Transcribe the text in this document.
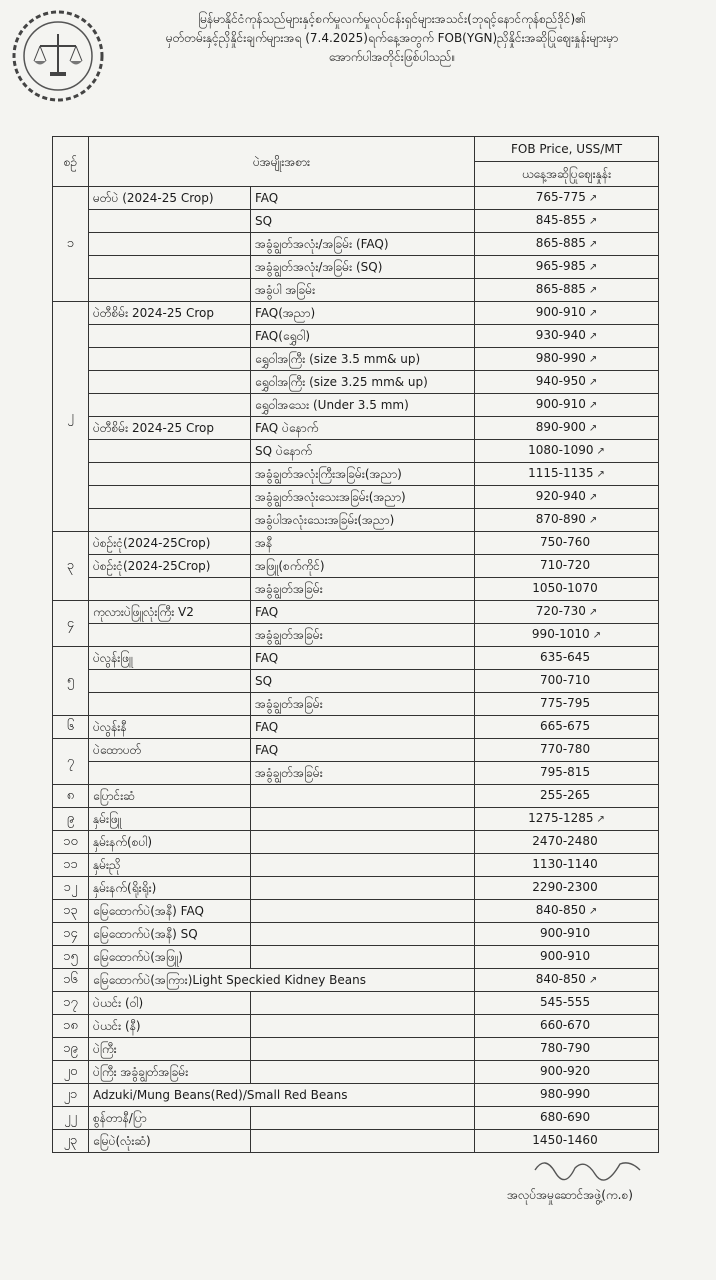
မြန်မာနိုင်ငံကုန်သည်များနှင့်စက်မှုလက်မှုလုပ်ငန်းရှင်များအသင်း(ဘုရင့်နောင်ကုန်စည်ဒိုင်)၏
မှတ်တမ်းနှင့်ညှိနှိုင်းချက်များအရ (7.4.2025)ရက်နေ့အတွက် FOB(YGN)ညှိနှိုင်းအဆိုပြုဈေးနှုန်းများမှာ
အောက်ပါအတိုင်းဖြစ်ပါသည်။
စဉ်	ပဲအမျိုးအစား		FOB Price, USS/MT
			ယနေ့အဆိုပြုဈေးနှုန်း
၁	မတ်ပဲ (2024-25 Crop)	FAQ	765-775 ↗
		SQ	845-855 ↗
		အခွံချွတ်အလုံး/အခြမ်း (FAQ)	865-885 ↗
		အခွံချွတ်အလုံး/အခြမ်း (SQ)	965-985 ↗
		အခွံပါ အခြမ်း	865-885 ↗
၂	ပဲတီစိမ်း 2024-25 Crop	FAQ(အညာ)	900-910 ↗
		FAQ(ရွှေဝါ)	930-940 ↗
		ရွှေဝါအကြီး (size 3.5 mm& up)	980-990 ↗
		ရွှေဝါအကြီး (size 3.25 mm& up)	940-950 ↗
		ရွှေဝါအသေး (Under 3.5 mm)	900-910 ↗
	ပဲတီစိမ်း 2024-25 Crop	FAQ ပဲနောက်	890-900 ↗
		SQ ပဲနောက်	1080-1090 ↗
		အခွံချွတ်အလုံးကြီးအခြမ်း(အညာ)	1115-1135 ↗
		အခွံချွတ်အလုံးသေးအခြမ်း(အညာ)	920-940 ↗
		အခွံပါအလုံးသေးအခြမ်း(အညာ)	870-890 ↗
၃	ပဲစဉ်းငုံ(2024-25Crop)	အနီ	750-760
	ပဲစဉ်းငုံ(2024-25Crop)	အဖြူ(စက်ကိုင်)	710-720
		အခွံချွတ်အခြမ်း	1050-1070
၄	ကုလားပဲဖြူလုံးကြီး V2	FAQ	720-730 ↗
		အခွံချွတ်အခြမ်း	990-1010 ↗
၅	ပဲလွန်းဖြူ	FAQ	635-645
		SQ	700-710
		အခွံချွတ်အခြမ်း	775-795
၆	ပဲလွန်းနီ	FAQ	665-675
၇	ပဲထောပတ်	FAQ	770-780
		အခွံချွတ်အခြမ်း	795-815
၈	ပြောင်းဆံ		255-265
၉	နှမ်းဖြူ		1275-1285 ↗
၁၀	နှမ်းနက်(စပါ)		2470-2480
၁၁	နှမ်းညို		1130-1140
၁၂	နှမ်းနက်(ရိုးရိုး)		2290-2300
၁၃	မြေထောက်ပဲ(အနီ) FAQ		840-850 ↗
၁၄	မြေထောက်ပဲ(အနီ) SQ		900-910
၁၅	မြေထောက်ပဲ(အဖြူ)		900-910
၁၆	မြေထောက်ပဲ(အကြား)Light Speckied Kidney Beans		840-850 ↗
၁၇	ပဲယင်း (ဝါ)		545-555
၁၈	ပဲယင်း (နီ)		660-670
၁၉	ပဲကြီး		780-790
၂၀	ပဲကြီး အခွံချွတ်အခြမ်း		900-920
၂၁	Adzuki/Mung Beans(Red)/Small Red Beans		980-990
၂၂	စွန်တာနီ/ပြာ		680-690
၂၃	မြေပဲ(လုံးဆံ)		1450-1460
အလုပ်အမှုဆောင်အဖွဲ့(က.စ)
